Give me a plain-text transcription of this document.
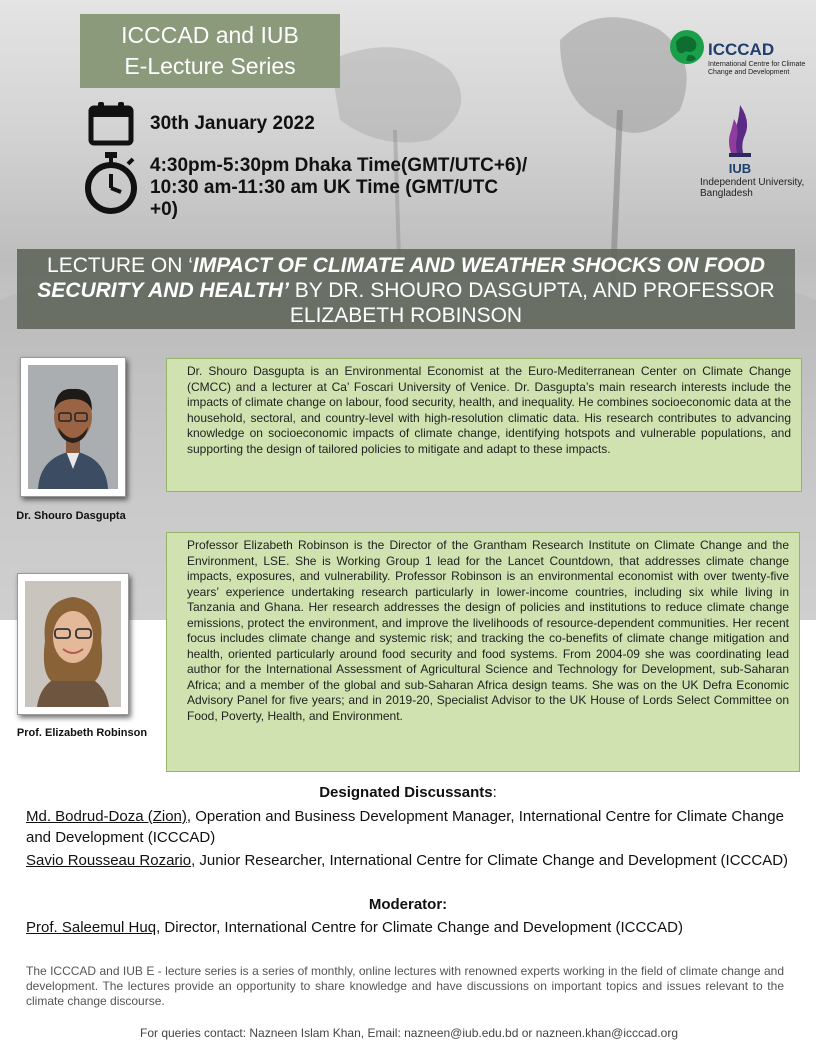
ICCCAD and IUB
E-Lecture Series
ICCCAD
International Centre for Climate Change and Development
IUB
Independent University, Bangladesh
30th January 2022
4:30pm-5:30pm Dhaka Time(GMT/UTC+6)/ 10:30 am-11:30 am UK Time (GMT/UTC +0)
LECTURE ON ‘IMPACT OF CLIMATE AND WEATHER SHOCKS ON FOOD SECURITY AND HEALTH’ BY DR. SHOURO DASGUPTA, AND PROFESSOR ELIZABETH ROBINSON
Dr. Shouro Dasgupta
Dr. Shouro Dasgupta is an Environmental Economist at the Euro-Mediterranean Center on Climate Change (CMCC) and a lecturer at Ca’ Foscari University of Venice. Dr. Dasgupta’s main research interests include the impacts of climate change on labour, food security, health, and inequality. He combines socioeconomic data at the household, sectoral, and country-level with high-resolution climatic data. His research contributes to advancing knowledge on socioeconomic impacts of climate change, identifying hotspots and vulnerable populations, and supporting the design of tailored policies to mitigate and adapt to these impacts.
Prof. Elizabeth Robinson
Professor Elizabeth Robinson is the Director of the Grantham Research Institute on Climate Change and the Environment, LSE. She is Working Group 1 lead for the Lancet Countdown, that addresses climate change impacts, exposures, and vulnerability. Professor Robinson is an environmental economist with over twenty-five years’ experience undertaking research particularly in lower-income countries, including six while living in Tanzania and Ghana. Her research addresses the design of policies and institutions to reduce climate change emissions, protect the environment, and improve the livelihoods of resource-dependent communities. Her recent focus includes climate change and systemic risk; and tracking the co-benefits of climate change mitigation and health, oriented particularly around food security and food systems. From 2004-09 she was coordinating lead author for the International Assessment of Agricultural Science and Technology for Development, sub-Saharan Africa; and a member of the global and sub-Saharan Africa design teams. She was on the UK Defra Economic Advisory Panel for five years; and in 2019-20, Specialist Advisor to the UK House of Lords Select Committee on Food, Poverty, Health, and Environment.
Designated Discussants:
Md. Bodrud-Doza (Zion), Operation and Business Development Manager, International Centre for Climate Change and Development (ICCCAD)
Savio Rousseau Rozario, Junior Researcher, International Centre for Climate Change and Development (ICCCAD)
Moderator:
Prof. Saleemul Huq, Director, International Centre for Climate Change and Development (ICCCAD)
The ICCCAD and IUB E - lecture series is a series of monthly, online lectures with renowned experts working in the field of climate change and development. The lectures provide an opportunity to share knowledge and have discussions on important topics and issues relevant to the climate change discourse.
For queries contact: Nazneen Islam Khan, Email: nazneen@iub.edu.bd or nazneen.khan@icccad.org
